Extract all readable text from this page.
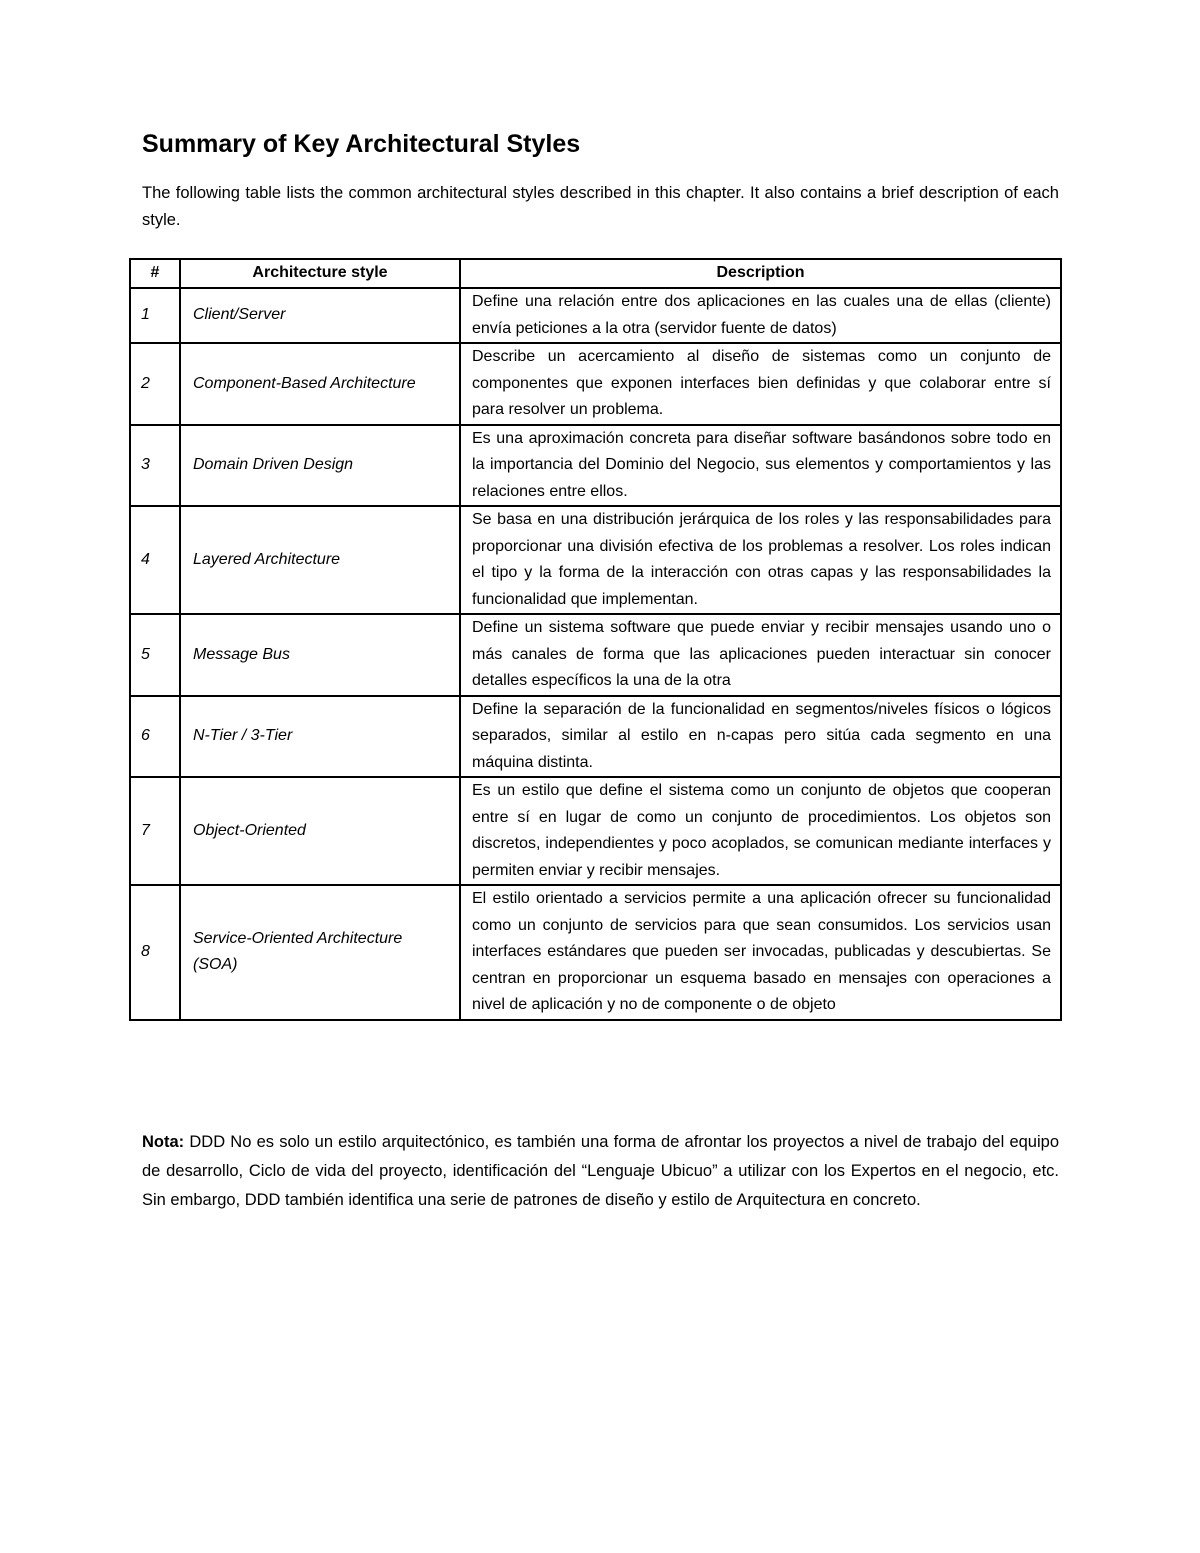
Summary of Key Architectural Styles

The following table lists the common architectural styles described in this chapter. It also contains a brief description of each style.

#	Architecture style	Description
1	Client/Server	Define una relación entre dos aplicaciones en las cuales una de ellas (cliente) envía peticiones a la otra (servidor fuente de datos)
2	Component-Based Architecture	Describe un acercamiento al diseño de sistemas como un conjunto de componentes que exponen interfaces bien definidas y que colaborar entre sí para resolver un problema.
3	Domain Driven Design	Es una aproximación concreta para diseñar software basándonos sobre todo en la importancia del Dominio del Negocio, sus elementos y comportamientos y las relaciones entre ellos.
4	Layered Architecture	Se basa en una distribución jerárquica de los roles y las responsabilidades para proporcionar una división efectiva de los problemas a resolver. Los roles indican el tipo y la forma de la interacción con otras capas y las responsabilidades la funcionalidad que implementan.
5	Message Bus	Define un sistema software que puede enviar y recibir mensajes usando uno o más canales de forma que las aplicaciones pueden interactuar sin conocer detalles específicos la una de la otra
6	N-Tier / 3-Tier	Define la separación de la funcionalidad en segmentos/niveles físicos o lógicos separados, similar al estilo en n-capas pero sitúa cada segmento en una máquina distinta.
7	Object-Oriented	Es un estilo que define el sistema como un conjunto de objetos que cooperan entre sí en lugar de como un conjunto de procedimientos. Los objetos son discretos, independientes y poco acoplados, se comunican mediante interfaces y permiten enviar y recibir mensajes.
8	Service-Oriented Architecture (SOA)	El estilo orientado a servicios permite a una aplicación ofrecer su funcionalidad como un conjunto de servicios para que sean consumidos. Los servicios usan interfaces estándares que pueden ser invocadas, publicadas y descubiertas. Se centran en proporcionar un esquema basado en mensajes con operaciones a nivel de aplicación y no de componente o de objeto

Nota: DDD No es solo un estilo arquitectónico, es también una forma de afrontar los proyectos a nivel de trabajo del equipo de desarrollo, Ciclo de vida del proyecto, identificación del “Lenguaje Ubicuo” a utilizar con los Expertos en el negocio, etc. Sin embargo, DDD también identifica una serie de patrones de diseño y estilo de Arquitectura en concreto.
